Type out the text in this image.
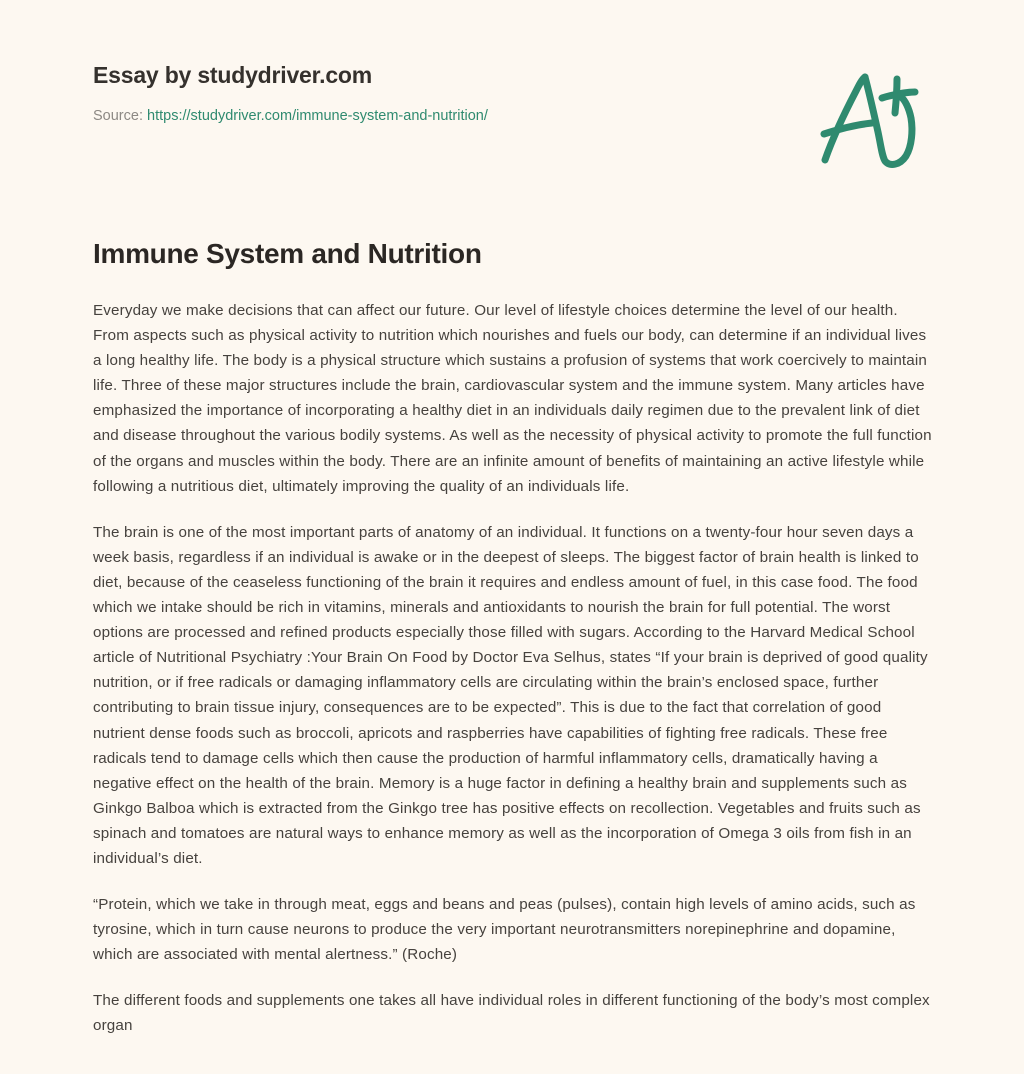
Essay by studydriver.com
Source: https://studydriver.com/immune-system-and-nutrition/
Immune System and Nutrition

Everyday we make decisions that can affect our future. Our level of lifestyle choices determine the level of our health. From aspects such as physical activity to nutrition which nourishes and fuels our body, can determine if an individual lives a long healthy life. The body is a physical structure which sustains a profusion of systems that work coercively to maintain life. Three of these major structures include the brain, cardiovascular system and the immune system. Many articles have emphasized the importance of incorporating a healthy diet in an individuals daily regimen due to the prevalent link of diet and disease throughout the various bodily systems. As well as the necessity of physical activity to promote the full function of the organs and muscles within the body. There are an infinite amount of benefits of maintaining an active lifestyle while following a nutritious diet, ultimately improving the quality of an individuals life.

The brain is one of the most important parts of anatomy of an individual. It functions on a twenty-four hour seven days a week basis, regardless if an individual is awake or in the deepest of sleeps. The biggest factor of brain health is linked to diet, because of the ceaseless functioning of the brain it requires and endless amount of fuel, in this case food. The food which we intake should be rich in vitamins, minerals and antioxidants to nourish the brain for full potential. The worst options are processed and refined products especially those filled with sugars. According to the Harvard Medical School article of Nutritional Psychiatry :Your Brain On Food by Doctor Eva Selhus, states “If your brain is deprived of good quality nutrition, or if free radicals or damaging inflammatory cells are circulating within the brain’s enclosed space, further contributing to brain tissue injury, consequences are to be expected”. This is due to the fact that correlation of good nutrient dense foods such as broccoli, apricots and raspberries have capabilities of fighting free radicals. These free radicals tend to damage cells which then cause the production of harmful inflammatory cells, dramatically having a negative effect on the health of the brain. Memory is a huge factor in defining a healthy brain and supplements such as Ginkgo Balboa which is extracted from the Ginkgo tree has positive effects on recollection. Vegetables and fruits such as spinach and tomatoes are natural ways to enhance memory as well as the incorporation of Omega 3 oils from fish in an individual’s diet.

“Protein, which we take in through meat, eggs and beans and peas (pulses), contain high levels of amino acids, such as tyrosine, which in turn cause neurons to produce the very important neurotransmitters norepinephrine and dopamine, which are associated with mental alertness.” (Roche)

The different foods and supplements one takes all have individual roles in different functioning of the body’s most complex organ
